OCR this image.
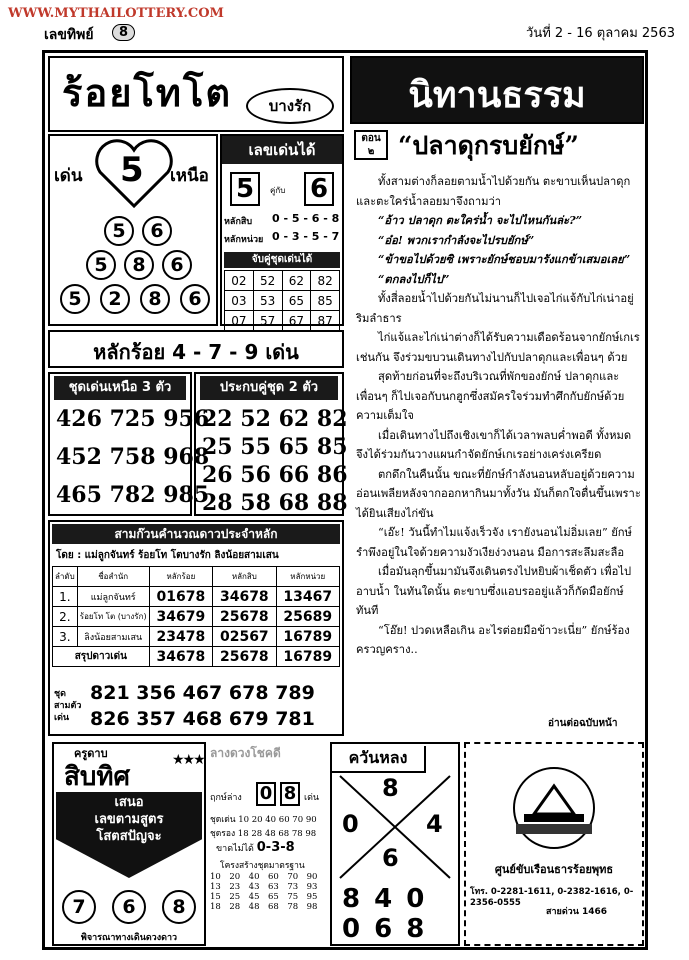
WWW.MYTHAILOTTERY.COM
เลขทิพย์	8	วันที่ 2 - 16 ตุลาคม 2563
ร้อยโทโต	บางรัก
เด่น 5 เหนือ
5	6
5	8	6
5	2	8	6
เลขเด่นได้
5	คู่กับ 6
หลักสิบ 0 - 5 - 6 - 8
หลักหน่วย 0 - 3 - 5 - 7
จับคู่ชุดเด่นได้
02	52	62	82
03	53	65	85
07	57	67	87
หลักร้อย 4 - 7 - 9 เด่น
ชุดเด่นเหนือ 3 ตัว
426 725 956
452 758 968
465 782 985
ประกบคู่ชุด 2 ตัว
22 52 62 82
25 55 65 85
26 56 66 86
28 58 68 88
สามก๊วนคำนวณดาวประจำหลัก
โดย : แม่ลูกจันทร์ ร้อยโท โตบางรัก ลิงน้อยสามเสน
ลำดับ	ชื่อสำนัก	หลักร้อย	หลักสิบ	หลักหน่วย
1.	แม่ลูกจันทร์	01678	34678	13467
2.	ร้อยโท โต (บางรัก)	34679	25678	25689
3.	ลิงน้อยสามเสน	23478	02567	16789
สรุปดาวเด่น		34678	25678	16789
ชุด สามตัว เด่น
821 356 467 678 789
826 357 468 679 781
นิทานธรรม
ตอน
๒ “ปลาดุกรบยักษ์”

ทั้งสามต่างก็ลอยตามน้ำไปด้วยกัน ตะขาบเห็นปลาดุกและตะใคร่น้ำลอยมาจึงถามว่า

“อ้าว ปลาดุก ตะใคร่น้ำ จะไปไหนกันล่ะ?”

“อ๋อ! พวกเรากำลังจะไปรบยักษ์”

“ข้าขอไปด้วยซิ เพราะยักษ์ชอบมารังแกข้าเสมอเลย”

“ตกลงไปก็ไป”

ทั้งสี่ลอยน้ำไปด้วยกันไม่นานก็ไปเจอไก่แจ้กับไก่เน่าอยู่ริมลำธาร

ไก่แจ้และไก่เน่าต่างก็ได้รับความเดือดร้อนจากยักษ์เกเรเช่นกัน จึงร่วมขบวนเดินทางไปกับปลาดุกและเพื่อนๆ ด้วย

สุดท้ายก่อนที่จะถึงบริเวณที่พักของยักษ์ ปลาดุกและเพื่อนๆ ก็ไปเจอกับนกฮูกซึ่งสมัครใจร่วมทำศึกกับยักษ์ด้วยความเต็มใจ

เมื่อเดินทางไปถึงเชิงเขาก็ได้เวลาพลบค่ำพอดี ทั้งหมดจึงได้ร่วมกันวางแผนกำจัดยักษ์เกเรอย่างเคร่งเครียด

ตกดึกในคืนนั้น ขณะที่ยักษ์กำลังนอนหลับอยู่ด้วยความอ่อนเพลียหลังจากออกหากินมาทั้งวัน มันก็ตกใจตื่นขึ้นเพราะได้ยินเสียงไก่ขัน

“เอ๊ะ! วันนี้ทำไมแจ้งเร็วจัง เรายังนอนไม่อิ่มเลย” ยักษ์รำพึงอยู่ในใจด้วยความงัวเงียง่วงนอน มือการสะลึมสะลือ

เมื่อมันลุกขึ้นมามันจึงเดินตรงไปหยิบผ้าเช็ดตัว เพื่อไปอาบน้ำ ในทันใดนั้น ตะขาบซึ่งแอบรออยู่แล้วก็กัดมือยักษ์ทันที

“โอ๊ย! ปวดเหลือเกิน อะไรต่อยมือข้าวะเนี่ย” ยักษ์ร้องครวญคราง..

อ่านต่อฉบับหน้า
ครูดาบ
สิบทิศ
★★★
เสนอ
เลขตามสูตร
โสตสปัญจะ
7	6	8
พิจารณาทางเดินดวงดาว
ลางดวงโชคดี
ฤกษ์ล่าง 0 8 เด่น
ชุดเด่น 10 20 40 60 70 90
ชุดรอง 18 28 48 68 78 98
ขาดไม่ได้ 0-3-8
โครงสร้างชุดมาตรฐาน
10	20	40	60	70	90
13	23	43	63	73	93
15	25	45	65	75	95
18	28	48	68	78	98
ควันหลง
8
0	4
6
840
068
ศูนย์ขับเรือนธารร้อยพุทธ
โทร. 0-2281-1611, 0-2382-1616, 0-2356-0555
สายด่วน 1466
